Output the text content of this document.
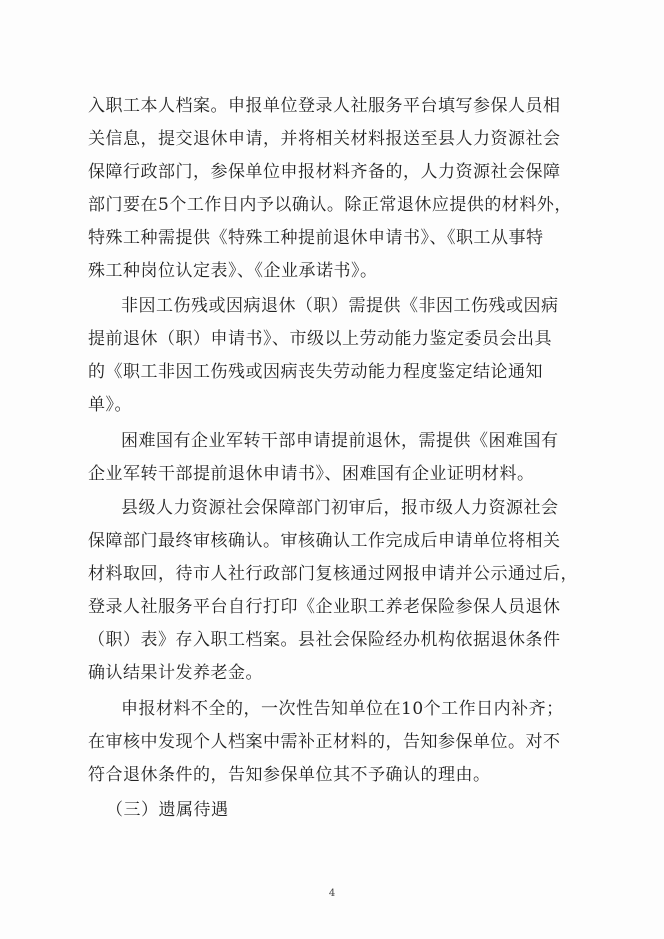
入职工本人档案。申报单位登录人社服务平台填写参保人员相
关信息，提交退休申请，并将相关材料报送至县人力资源社会
保障行政部门，参保单位申报材料齐备的，人力资源社会保障
部门要在5个工作日内予以确认。除正常退休应提供的材料外，
特殊工种需提供《特殊工种提前退休申请书》、《职工从事特
殊工种岗位认定表》、《企业承诺书》。
非因工伤残或因病退休（职）需提供《非因工伤残或因病
提前退休（职）申请书》、市级以上劳动能力鉴定委员会出具
的《职工非因工伤残或因病丧失劳动能力程度鉴定结论通知
单》。
困难国有企业军转干部申请提前退休，需提供《困难国有
企业军转干部提前退休申请书》、困难国有企业证明材料。
县级人力资源社会保障部门初审后，报市级人力资源社会
保障部门最终审核确认。审核确认工作完成后申请单位将相关
材料取回，待市人社行政部门复核通过网报申请并公示通过后，
登录人社服务平台自行打印《企业职工养老保险参保人员退休
（职）表》存入职工档案。县社会保险经办机构依据退休条件
确认结果计发养老金。
申报材料不全的，一次性告知单位在10个工作日内补齐；
在审核中发现个人档案中需补正材料的，告知参保单位。对不
符合退休条件的，告知参保单位其不予确认的理由。
（三）遗属待遇
4
